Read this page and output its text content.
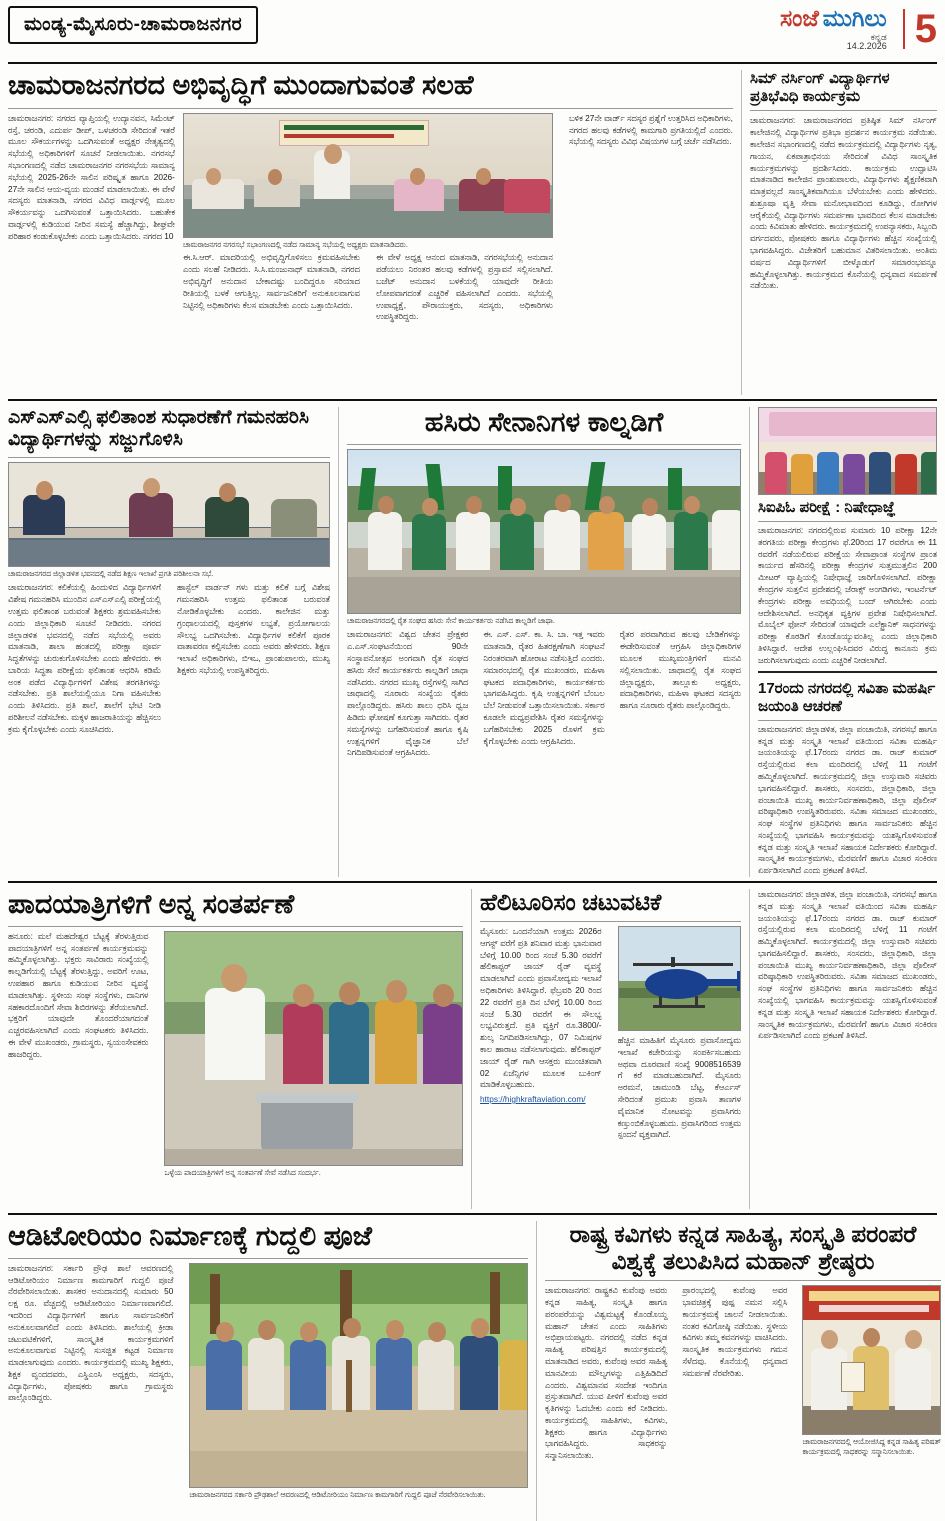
ಮಂಡ್ಯ-ಮೈಸೂರು-ಚಾಮರಾಜನಗರ	ಸಂಜೆ ಮುಗಿಲು
ಕನ್ನಡ
14.2.2026 5
ಚಾಮರಾಜನಗರದ ಅಭಿವೃದ್ಧಿಗೆ ಮುಂದಾಗುವಂತೆ ಸಲಹೆ
ಚಾಮರಾಜನಗರ: ನಗರದ ವ್ಯಾಪ್ತಿಯಲ್ಲಿ ಉದ್ಯಾನವನ, ಸಿಮೆಂಟ್ ರಸ್ತೆ, ಚರಂಡಿ, ಎದುರ್ಪ ಡೀಪ್, ಒಳಚರಂಡಿ ಸೇರಿದಂತೆ ಇತರೆ ಮೂಲ ಸೌಕರ್ಯಗಳನ್ನು ಒದಗಿಸುವಂತೆ ಅಧ್ಯಕ್ಷರ ನೇತೃತ್ವದಲ್ಲಿ ಸಭೆಯಲ್ಲಿ ಅಧಿಕಾರಿಗಳಿಗೆ ಸೂಚನೆ ನೀಡಲಾಯಿತು. ನಗರಸಭೆ ಸಭಾಂಗಣದಲ್ಲಿ ನಡೆದ ಚಾಮರಾಜನಗರ ನಗರಸಭೆಯ ಸಾಮಾನ್ಯ ಸಭೆಯಲ್ಲಿ 2025-26ನೇ ಸಾಲಿನ ಪರಿಷ್ಕೃತ ಹಾಗೂ 2026-27ನೇ ಸಾಲಿನ ಆಯ-ವ್ಯಯ ಮಂಡನೆ ಮಾಡಲಾಯಿತು. ಈ ವೇಳೆ ಸದಸ್ಯರು ಮಾತನಾಡಿ, ನಗರದ ವಿವಿಧ ವಾರ್ಡ್ಗಳಲ್ಲಿ ಮೂಲ ಸೌಕರ್ಯವನ್ನು ಒದಗಿಸುವಂತೆ ಒತ್ತಾಯಿಸಿದರು. ಬಹುತೇಕ ವಾರ್ಡ್ಗಳಲ್ಲಿ ಕುಡಿಯುವ ನೀರಿನ ಸಮಸ್ಯೆ ಹೆಚ್ಚಾಗಿದ್ದು, ಶೀಘ್ರವೇ ಪರಿಹಾರ ಕಂಡುಕೊಳ್ಳಬೇಕು ಎಂದು ಒತ್ತಾಯಿಸಿದರು. ನಗರದ 10
ಚಾಮರಾಜನಗರ ನಗರಸಭೆ ಸಭಾಂಗಣದಲ್ಲಿ ನಡೆದ ಸಾಮಾನ್ಯ ಸಭೆಯಲ್ಲಿ ಅಧ್ಯಕ್ಷರು ಮಾತನಾಡಿದರು.
ಈ.ಸಿ.ಆರ್. ಮಾದರಿಯಲ್ಲಿ ಅಭಿವೃದ್ಧಿಗೊಳಿಸಲು ಕ್ರಮವಹಿಸಬೇಕು ಎಂದು ಸಲಹೆ ನೀಡಿದರು. ಸಿ.ಸಿ.ಮಂಜುನಾಥ್ ಮಾತನಾಡಿ, ನಗರದ ಅಭಿವೃದ್ಧಿಗೆ ಅನುದಾನ ಬೇಕಾದಷ್ಟು ಬಂದಿದ್ದರೂ ಸರಿಯಾದ ರೀತಿಯಲ್ಲಿ ಬಳಕೆ ಆಗುತ್ತಿಲ್ಲ. ಸಾರ್ವಜನಿಕರಿಗೆ ಅನುಕೂಲವಾಗುವ ನಿಟ್ಟಿನಲ್ಲಿ ಅಧಿಕಾರಿಗಳು ಕೆಲಸ ಮಾಡಬೇಕು ಎಂದು ಒತ್ತಾಯಿಸಿದರು.
ಈ ವೇಳೆ ಅಧ್ಯಕ್ಷ ಆನಂದ ಮಾತನಾಡಿ, ನಗರಸಭೆಯಲ್ಲಿ ಅನುದಾನ ಪಡೆಯಲು ನಿರಂತರ ಹಲವು ಕಡೆಗಳಲ್ಲಿ ಪ್ರಸ್ತಾವನೆ ಸಲ್ಲಿಸಲಾಗಿದೆ. ಬಜೆಟ್ ಅನುದಾನ ಬಳಕೆಯಲ್ಲಿ ಯಾವುದೇ ರೀತಿಯ ಲೋಪವಾಗದಂತೆ ಎಚ್ಚರಿಕೆ ವಹಿಸಲಾಗಿದೆ ಎಂದರು. ಸಭೆಯಲ್ಲಿ ಉಪಾಧ್ಯಕ್ಷೆ, ಪೌರಾಯುಕ್ತರು, ಸದಸ್ಯರು, ಅಧಿಕಾರಿಗಳು ಉಪಸ್ಥಿತರಿದ್ದರು.
ಬಳಿಕ 27ನೇ ವಾರ್ಡ್ ಸದಸ್ಯರ ಪ್ರಶ್ನೆಗೆ ಉತ್ತರಿಸಿದ ಅಧಿಕಾರಿಗಳು, ನಗರದ ಹಲವು ಕಡೆಗಳಲ್ಲಿ ಕಾಮಗಾರಿ ಪ್ರಗತಿಯಲ್ಲಿದೆ ಎಂದರು. ಸಭೆಯಲ್ಲಿ ಸದಸ್ಯರು ವಿವಿಧ ವಿಷಯಗಳ ಬಗ್ಗೆ ಚರ್ಚೆ ನಡೆಸಿದರು.
ಸಿಮ್ ನರ್ಸಿಂಗ್ ವಿದ್ಯಾರ್ಥಿಗಳ ಪ್ರತಿಭೆವಿಧಿ ಕಾರ್ಯಕ್ರಮ
ಚಾಮರಾಜನಗರ: ಚಾಮರಾಜನಗರದ ಪ್ರತಿಷ್ಠಿತ ಸಿಮ್ ನರ್ಸಿಂಗ್ ಕಾಲೇಜಿನಲ್ಲಿ ವಿದ್ಯಾರ್ಥಿಗಳ ಪ್ರತಿಭಾ ಪ್ರದರ್ಶನ ಕಾರ್ಯಕ್ರಮ ನಡೆಯಿತು. ಕಾಲೇಜಿನ ಸಭಾಂಗಣದಲ್ಲಿ ನಡೆದ ಕಾರ್ಯಕ್ರಮದಲ್ಲಿ ವಿದ್ಯಾರ್ಥಿಗಳು ನೃತ್ಯ, ಗಾಯನ, ಏಕಪಾತ್ರಾಭಿನಯ ಸೇರಿದಂತೆ ವಿವಿಧ ಸಾಂಸ್ಕೃತಿಕ ಕಾರ್ಯಕ್ರಮಗಳನ್ನು ಪ್ರದರ್ಶಿಸಿದರು. ಕಾರ್ಯಕ್ರಮ ಉದ್ಘಾಟಿಸಿ ಮಾತನಾಡಿದ ಕಾಲೇಜಿನ ಪ್ರಾಂಶುಪಾಲರು, ವಿದ್ಯಾರ್ಥಿಗಳು ಶೈಕ್ಷಣಿಕವಾಗಿ ಮಾತ್ರವಲ್ಲದೆ ಸಾಂಸ್ಕೃತಿಕವಾಗಿಯೂ ಬೆಳೆಯಬೇಕು ಎಂದು ಹೇಳಿದರು. ಶುಶ್ರೂಷಾ ವೃತ್ತಿ ಸೇವಾ ಮನೋಭಾವದಿಂದ ಕೂಡಿದ್ದು, ರೋಗಿಗಳ ಆರೈಕೆಯಲ್ಲಿ ವಿದ್ಯಾರ್ಥಿಗಳು ಸಮರ್ಪಣಾ ಭಾವದಿಂದ ಕೆಲಸ ಮಾಡಬೇಕು ಎಂದು ಕಿವಿಮಾತು ಹೇಳಿದರು. ಕಾರ್ಯಕ್ರಮದಲ್ಲಿ ಉಪನ್ಯಾಸಕರು, ಸಿಬ್ಬಂದಿ ವರ್ಗದವರು, ಪೋಷಕರು ಹಾಗೂ ವಿದ್ಯಾರ್ಥಿಗಳು ಹೆಚ್ಚಿನ ಸಂಖ್ಯೆಯಲ್ಲಿ ಭಾಗವಹಿಸಿದ್ದರು. ವಿಜೇತರಿಗೆ ಬಹುಮಾನ ವಿತರಿಸಲಾಯಿತು. ಅಂತಿಮ ವರ್ಷದ ವಿದ್ಯಾರ್ಥಿಗಳಿಗೆ ಬೀಳ್ಕೊಡುಗೆ ಸಮಾರಂಭವನ್ನೂ ಹಮ್ಮಿಕೊಳ್ಳಲಾಗಿತ್ತು. ಕಾರ್ಯಕ್ರಮದ ಕೊನೆಯಲ್ಲಿ ಧನ್ಯವಾದ ಸಮರ್ಪಣೆ ನಡೆಯಿತು.
ಎಸ್ಎಸ್ಎಲ್ಸಿ ಫಲಿತಾಂಶ ಸುಧಾರಣೆಗೆ ಗಮನಹರಿಸಿ ವಿದ್ಯಾರ್ಥಿಗಳನ್ನು ಸಜ್ಜುಗೊಳಿಸಿ
ಚಾಮರಾಜನಗರದ ಜಿಲ್ಲಾಡಳಿತ ಭವನದಲ್ಲಿ ನಡೆದ ಶಿಕ್ಷಣ ಇಲಾಖೆ ಪ್ರಗತಿ ಪರಿಶೀಲನಾ ಸಭೆ.
ಚಾಮರಾಜನಗರ: ಕಲಿಕೆಯಲ್ಲಿ ಹಿಂದುಳಿದ ವಿದ್ಯಾರ್ಥಿಗಳಿಗೆ ವಿಶೇಷ ಗಮನಹರಿಸಿ ಮುಂದಿನ ಎಸ್ಎಸ್ಎಲ್ಸಿ ಪರೀಕ್ಷೆಯಲ್ಲಿ ಉತ್ತಮ ಫಲಿತಾಂಶ ಬರುವಂತೆ ಶಿಕ್ಷಕರು ಶ್ರಮವಹಿಸಬೇಕು ಎಂದು ಜಿಲ್ಲಾಧಿಕಾರಿ ಸೂಚನೆ ನೀಡಿದರು. ನಗರದ ಜಿಲ್ಲಾಡಳಿತ ಭವನದಲ್ಲಿ ನಡೆದ ಸಭೆಯಲ್ಲಿ ಅವರು ಮಾತನಾಡಿ, ಶಾಲಾ ಹಂತದಲ್ಲಿ ಪರೀಕ್ಷಾ ಪೂರ್ವ ಸಿದ್ಧತೆಗಳನ್ನು ಚುರುಕುಗೊಳಿಸಬೇಕು ಎಂದು ಹೇಳಿದರು. ಈ ಬಾರಿಯ ಸಿದ್ಧತಾ ಪರೀಕ್ಷೆಯ ಫಲಿತಾಂಶ ಆಧರಿಸಿ ಕಡಿಮೆ ಅಂಕ ಪಡೆದ ವಿದ್ಯಾರ್ಥಿಗಳಿಗೆ ವಿಶೇಷ ತರಗತಿಗಳನ್ನು ನಡೆಸಬೇಕು. ಪ್ರತಿ ಶಾಲೆಯಲ್ಲಿಯೂ ನಿಗಾ ವಹಿಸಬೇಕು ಎಂದು ತಿಳಿಸಿದರು. ಪ್ರತಿ ಶಾಲೆ, ಶಾಲೆಗೆ ಭೇಟಿ ನೀಡಿ ಪರಿಶೀಲನೆ ನಡೆಸಬೇಕು. ಮಕ್ಕಳ ಹಾಜರಾತಿಯನ್ನು ಹೆಚ್ಚಿಸಲು ಕ್ರಮ ಕೈಗೊಳ್ಳಬೇಕು ಎಂದು ಸೂಚಿಸಿದರು.
ಹಾಸ್ಟೆಲ್ ವಾರ್ಡನ್ ಗಳು ಮತ್ತು ಕಲಿಕೆ ಬಗ್ಗೆ ವಿಶೇಷ ಗಮನಹರಿಸಿ ಉತ್ತಮ ಫಲಿತಾಂಶ ಬರುವಂತೆ ನೋಡಿಕೊಳ್ಳಬೇಕು ಎಂದರು. ಕಾಲೇಜಿನ ಮತ್ತು ಗ್ರಂಥಾಲಯದಲ್ಲಿ ಪುಸ್ತಕಗಳ ಲಭ್ಯತೆ, ಪ್ರಯೋಗಾಲಯ ಸೌಲಭ್ಯ ಒದಗಿಸಬೇಕು. ವಿದ್ಯಾರ್ಥಿಗಳ ಕಲಿಕೆಗೆ ಪೂರಕ ವಾತಾವರಣ ಕಲ್ಪಿಸಬೇಕು ಎಂದು ಅವರು ಹೇಳಿದರು. ಶಿಕ್ಷಣ ಇಲಾಖೆ ಅಧಿಕಾರಿಗಳು, ಬಿಇಒ, ಪ್ರಾಂಶುಪಾಲರು, ಮುಖ್ಯ ಶಿಕ್ಷಕರು ಸಭೆಯಲ್ಲಿ ಉಪಸ್ಥಿತರಿದ್ದರು.
ಹಸಿರು ಸೇನಾನಿಗಳ ಕಾಲ್ನಡಿಗೆ
ಚಾಮರಾಜನಗರದಲ್ಲಿ ರೈತ ಸಂಘದ ಹಸಿರು ಸೇನೆ ಕಾರ್ಯಕರ್ತರು ನಡೆಸಿದ ಕಾಲ್ನಡಿಗೆ ಜಾಥಾ.
ಚಾಮರಾಜನಗರ: ವಿಶ್ವದ ಚೇತನ ಪ್ರೇಕ್ಷಕರ ಎ.ಎಸ್.ಸಂಘಟನೆಯಿಂದ 90ನೇ ಸಂಸ್ಥಾಪನೋತ್ಸವ ಅಂಗವಾಗಿ ರೈತ ಸಂಘದ ಹಸಿರು ಸೇನೆ ಕಾರ್ಯಕರ್ತರು ಕಾಲ್ನಡಿಗೆ ಜಾಥಾ ನಡೆಸಿದರು. ನಗರದ ಮುಖ್ಯ ರಸ್ತೆಗಳಲ್ಲಿ ಸಾಗಿದ ಜಾಥಾದಲ್ಲಿ ನೂರಾರು ಸಂಖ್ಯೆಯ ರೈತರು ಪಾಲ್ಗೊಂಡಿದ್ದರು. ಹಸಿರು ಶಾಲು ಧರಿಸಿ ಧ್ವಜ ಹಿಡಿದು ಘೋಷಣೆ ಕೂಗುತ್ತಾ ಸಾಗಿದರು. ರೈತರ ಸಮಸ್ಯೆಗಳನ್ನು ಬಗೆಹರಿಸುವಂತೆ ಹಾಗೂ ಕೃಷಿ ಉತ್ಪನ್ನಗಳಿಗೆ ವೈಜ್ಞಾನಿಕ ಬೆಲೆ ನಿಗದಿಪಡಿಸುವಂತೆ ಆಗ್ರಹಿಸಿದರು.
ಈ. ಎಸ್. ಎಸ್. ಕಾ. ಸಿ. ಬಾ. ಇತ್ತ ಇವರು ಮಾತನಾಡಿ, ರೈತರ ಹಿತರಕ್ಷಣೆಗಾಗಿ ಸಂಘಟನೆ ನಿರಂತರವಾಗಿ ಹೋರಾಟ ನಡೆಸುತ್ತಿದೆ ಎಂದರು. ಸಮಾರಂಭದಲ್ಲಿ ರೈತ ಮುಖಂಡರು, ಮಹಿಳಾ ಘಟಕದ ಪದಾಧಿಕಾರಿಗಳು, ಕಾರ್ಯಕರ್ತರು ಭಾಗವಹಿಸಿದ್ದರು. ಕೃಷಿ ಉತ್ಪನ್ನಗಳಿಗೆ ಬೆಂಬಲ ಬೆಲೆ ನೀಡುವಂತೆ ಒತ್ತಾಯಿಸಲಾಯಿತು. ಸರ್ಕಾರ ಕೂಡಲೇ ಮಧ್ಯಪ್ರವೇಶಿಸಿ ರೈತರ ಸಮಸ್ಯೆಗಳನ್ನು ಬಗೆಹರಿಸಬೇಕು 2025 ರೊಳಗೆ ಕ್ರಮ ಕೈಗೊಳ್ಳಬೇಕು ಎಂದು ಆಗ್ರಹಿಸಿದರು.
ರೈತರ ಪರವಾಗಿರುವ ಹಲವು ಬೇಡಿಕೆಗಳನ್ನು ಈಡೇರಿಸುವಂತೆ ಆಗ್ರಹಿಸಿ ಜಿಲ್ಲಾಧಿಕಾರಿಗಳ ಮೂಲಕ ಮುಖ್ಯಮಂತ್ರಿಗಳಿಗೆ ಮನವಿ ಸಲ್ಲಿಸಲಾಯಿತು. ಜಾಥಾದಲ್ಲಿ ರೈತ ಸಂಘದ ಜಿಲ್ಲಾಧ್ಯಕ್ಷರು, ತಾಲ್ಲೂಕು ಅಧ್ಯಕ್ಷರು, ಪದಾಧಿಕಾರಿಗಳು, ಮಹಿಳಾ ಘಟಕದ ಸದಸ್ಯರು ಹಾಗೂ ನೂರಾರು ರೈತರು ಪಾಲ್ಗೊಂಡಿದ್ದರು.
ಸಿಐಪಿಓ ಪರೀಕ್ಷೆ : ನಿಷೇಧಾಜ್ಞೆ
ಚಾಮರಾಜನಗರ: ನಗರದಲ್ಲಿರುವ ಸುಮಾರು 10 ಪರೀಕ್ಷಾ 12ನೇ ತರಗತಿಯ ಪರೀಕ್ಷಾ ಕೇಂದ್ರಗಳು ಫೆ.20ರಿಂದ 17 ರವರೆಗೂ ಈ 11 ರವರೆಗೆ ನಡೆಯಲಿರುವ ಪರೀಕ್ಷೆಯ ಸೇವಾಪ್ರಾಂತ ಸಂಸ್ಥೆಗಳ ಪ್ರಾಂತ ಕಾರ್ಯದ ಹೆಸರಿನಲ್ಲಿ ಪರೀಕ್ಷಾ ಕೇಂದ್ರಗಳ ಸುತ್ತಮುತ್ತಲಿನ 200 ಮೀಟರ್ ವ್ಯಾಪ್ತಿಯಲ್ಲಿ ನಿಷೇಧಾಜ್ಞೆ ಜಾರಿಗೊಳಿಸಲಾಗಿದೆ. ಪರೀಕ್ಷಾ ಕೇಂದ್ರಗಳ ಸುತ್ತಲಿನ ಪ್ರದೇಶದಲ್ಲಿ ಜೆರಾಕ್ಸ್ ಅಂಗಡಿಗಳು, ಇಂಟರ್ನೆಟ್ ಕೇಂದ್ರಗಳು ಪರೀಕ್ಷಾ ಅವಧಿಯಲ್ಲಿ ಬಂದ್ ಆಗಿರಬೇಕು ಎಂದು ಆದೇಶಿಸಲಾಗಿದೆ. ಅನಧಿಕೃತ ವ್ಯಕ್ತಿಗಳ ಪ್ರವೇಶ ನಿಷೇಧಿಸಲಾಗಿದೆ. ಮೊಬೈಲ್ ಫೋನ್ ಸೇರಿದಂತೆ ಯಾವುದೇ ಎಲೆಕ್ಟ್ರಾನಿಕ್ ಸಾಧನಗಳನ್ನು ಪರೀಕ್ಷಾ ಕೊಠಡಿಗೆ ಕೊಂಡೊಯ್ಯುವಂತಿಲ್ಲ ಎಂದು ಜಿಲ್ಲಾಧಿಕಾರಿ ತಿಳಿಸಿದ್ದಾರೆ. ಆದೇಶ ಉಲ್ಲಂಘಿಸಿದವರ ವಿರುದ್ಧ ಕಾನೂನು ಕ್ರಮ ಜರುಗಿಸಲಾಗುವುದು ಎಂದು ಎಚ್ಚರಿಕೆ ನೀಡಲಾಗಿದೆ.
17ರಂದು ನಗರದಲ್ಲಿ ಸವಿತಾ ಮಹರ್ಷಿ ಜಯಂತಿ ಆಚರಣೆ
ಚಾಮರಾಜನಗರ: ಜಿಲ್ಲಾಡಳಿತ, ಜಿಲ್ಲಾ ಪಂಚಾಯಿತಿ, ನಗರಸಭೆ ಹಾಗೂ ಕನ್ನಡ ಮತ್ತು ಸಂಸ್ಕೃತಿ ಇಲಾಖೆ ವತಿಯಿಂದ ಸವಿತಾ ಮಹರ್ಷಿ ಜಯಂತಿಯನ್ನು ಫೆ.17ರಂದು ನಗರದ ಡಾ. ರಾಜ್ ಕುಮಾರ್ ರಸ್ತೆಯಲ್ಲಿರುವ ಕಲಾ ಮಂದಿರದಲ್ಲಿ ಬೆಳಿಗ್ಗೆ 11 ಗಂಟೆಗೆ ಹಮ್ಮಿಕೊಳ್ಳಲಾಗಿದೆ. ಕಾರ್ಯಕ್ರಮದಲ್ಲಿ ಜಿಲ್ಲಾ ಉಸ್ತುವಾರಿ ಸಚಿವರು ಭಾಗವಹಿಸಲಿದ್ದಾರೆ. ಶಾಸಕರು, ಸಂಸದರು, ಜಿಲ್ಲಾಧಿಕಾರಿ, ಜಿಲ್ಲಾ ಪಂಚಾಯಿತಿ ಮುಖ್ಯ ಕಾರ್ಯನಿರ್ವಹಣಾಧಿಕಾರಿ, ಜಿಲ್ಲಾ ಪೊಲೀಸ್ ವರಿಷ್ಠಾಧಿಕಾರಿ ಉಪಸ್ಥಿತರಿರುವರು. ಸವಿತಾ ಸಮಾಜದ ಮುಖಂಡರು, ಸಂಘ ಸಂಸ್ಥೆಗಳ ಪ್ರತಿನಿಧಿಗಳು ಹಾಗೂ ಸಾರ್ವಜನಿಕರು ಹೆಚ್ಚಿನ ಸಂಖ್ಯೆಯಲ್ಲಿ ಭಾಗವಹಿಸಿ ಕಾರ್ಯಕ್ರಮವನ್ನು ಯಶಸ್ವಿಗೊಳಿಸುವಂತೆ ಕನ್ನಡ ಮತ್ತು ಸಂಸ್ಕೃತಿ ಇಲಾಖೆ ಸಹಾಯಕ ನಿರ್ದೇಶಕರು ಕೋರಿದ್ದಾರೆ. ಸಾಂಸ್ಕೃತಿಕ ಕಾರ್ಯಕ್ರಮಗಳು, ಮೆರವಣಿಗೆ ಹಾಗೂ ವಿಚಾರ ಸಂಕಿರಣ ಏರ್ಪಡಿಸಲಾಗಿದೆ ಎಂದು ಪ್ರಕಟಣೆ ತಿಳಿಸಿದೆ.
ಪಾದಯಾತ್ರಿಗಳಿಗೆ ಅನ್ನ ಸಂತರ್ಪಣೆ
ಹನೂರು: ಮಲೆ ಮಹದೇಶ್ವರ ಬೆಟ್ಟಕ್ಕೆ ತೆರಳುತ್ತಿರುವ ಪಾದಯಾತ್ರಿಗಳಿಗೆ ಅನ್ನ ಸಂತರ್ಪಣೆ ಕಾರ್ಯಕ್ರಮವನ್ನು ಹಮ್ಮಿಕೊಳ್ಳಲಾಗಿತ್ತು. ಭಕ್ತರು ಸಾವಿರಾರು ಸಂಖ್ಯೆಯಲ್ಲಿ ಕಾಲ್ನಡಿಗೆಯಲ್ಲಿ ಬೆಟ್ಟಕ್ಕೆ ತೆರಳುತ್ತಿದ್ದು, ಅವರಿಗೆ ಊಟ, ಉಪಹಾರ ಹಾಗೂ ಕುಡಿಯುವ ನೀರಿನ ವ್ಯವಸ್ಥೆ ಮಾಡಲಾಗಿತ್ತು. ಸ್ಥಳೀಯ ಸಂಘ ಸಂಸ್ಥೆಗಳು, ದಾನಿಗಳ ಸಹಕಾರದೊಂದಿಗೆ ಸೇವಾ ಶಿಬಿರಗಳನ್ನು ತೆರೆಯಲಾಗಿದೆ. ಭಕ್ತರಿಗೆ ಯಾವುದೇ ತೊಂದರೆಯಾಗದಂತೆ ಎಚ್ಚರವಹಿಸಲಾಗಿದೆ ಎಂದು ಸಂಘಟಕರು ತಿಳಿಸಿದರು. ಈ ವೇಳೆ ಮುಖಂಡರು, ಗ್ರಾಮಸ್ಥರು, ಸ್ವಯಂಸೇವಕರು ಹಾಜರಿದ್ದರು.
ಒಳ್ಳೆಯ ಪಾದಯಾತ್ರಿಗಳಿಗೆ ಅನ್ನ ಸಂತರ್ಪಣೆ ಸೇವೆ ನಡೆಸಿದ ಸಂದರ್ಭ.
ಹೆಲಿಟೂರಿಸಂ ಚಟುವಟಿಕೆ
ಮೈಸೂರು: ಒಂದನೆಯಾಗಿ ಉತ್ತಮ 2026ರ ಆಗಸ್ಟ್ ವರೆಗೆ ಪ್ರತಿ ಶನಿವಾರ ಮತ್ತು ಭಾನುವಾರ ಬೆಳಿಗ್ಗೆ 10.00 ರಿಂದ ಸಂಜೆ 5.30 ರವರೆಗೆ ಹೆಲಿಕಾಪ್ಟರ್ ಜಾಯ್ ರೈಡ್ ವ್ಯವಸ್ಥೆ ಮಾಡಲಾಗಿದೆ ಎಂದು ಪ್ರವಾಸೋದ್ಯಮ ಇಲಾಖೆ ಅಧಿಕಾರಿಗಳು ತಿಳಿಸಿದ್ದಾರೆ. ಫೆಬ್ರವರಿ 20 ರಿಂದ 22 ರವರೆಗೆ ಪ್ರತಿ ದಿನ ಬೆಳಿಗ್ಗೆ 10.00 ರಿಂದ ಸಂಜೆ 5.30 ರವರೆಗೆ ಈ ಸೌಲಭ್ಯ ಲಭ್ಯವಿರುತ್ತದೆ. ಪ್ರತಿ ವ್ಯಕ್ತಿಗೆ ರೂ.3800/- ಶುಲ್ಕ ನಿಗದಿಪಡಿಸಲಾಗಿದ್ದು, 07 ನಿಮಿಷಗಳ ಕಾಲ ಹಾರಾಟ ನಡೆಸಲಾಗುವುದು. ಹೆಲಿಕಾಪ್ಟರ್ ಜಾಯ್ ರೈಡ್ ಗಾಗಿ ಆಸಕ್ತರು ಮುಂಚಿತವಾಗಿ 02 ಏಜೆನ್ಸಿಗಳ ಮೂಲಕ ಬುಕಿಂಗ್ ಮಾಡಿಕೊಳ್ಳಬಹುದು.
https://highkraftaviation.com/
ಹೆಚ್ಚಿನ ಮಾಹಿತಿಗೆ ಮೈಸೂರು ಪ್ರವಾಸೋದ್ಯಮ ಇಲಾಖೆ ಕಚೇರಿಯನ್ನು ಸಂಪರ್ಕಿಸಬಹುದು ಅಥವಾ ದೂರವಾಣಿ ಸಂಖ್ಯೆ 9008516539 ಗೆ ಕರೆ ಮಾಡಬಹುದಾಗಿದೆ. ಮೈಸೂರು ಅರಮನೆ, ಚಾಮುಂಡಿ ಬೆಟ್ಟ, ಕೆಆರ್ಎಸ್ ಸೇರಿದಂತೆ ಪ್ರಮುಖ ಪ್ರವಾಸಿ ತಾಣಗಳ ವೈಮಾನಿಕ ನೋಟವನ್ನು ಪ್ರವಾಸಿಗರು ಕಣ್ತುಂಬಿಕೊಳ್ಳಬಹುದು. ಪ್ರವಾಸಿಗರಿಂದ ಉತ್ತಮ ಸ್ಪಂದನೆ ವ್ಯಕ್ತವಾಗಿದೆ.
ಚಾಮರಾಜನಗರ: ಜಿಲ್ಲಾಡಳಿತ, ಜಿಲ್ಲಾ ಪಂಚಾಯಿತಿ, ನಗರಸಭೆ ಹಾಗೂ ಕನ್ನಡ ಮತ್ತು ಸಂಸ್ಕೃತಿ ಇಲಾಖೆ ವತಿಯಿಂದ ಸವಿತಾ ಮಹರ್ಷಿ ಜಯಂತಿಯನ್ನು ಫೆ.17ರಂದು ನಗರದ ಡಾ. ರಾಜ್ ಕುಮಾರ್ ರಸ್ತೆಯಲ್ಲಿರುವ ಕಲಾ ಮಂದಿರದಲ್ಲಿ ಬೆಳಿಗ್ಗೆ 11 ಗಂಟೆಗೆ ಹಮ್ಮಿಕೊಳ್ಳಲಾಗಿದೆ. ಕಾರ್ಯಕ್ರಮದಲ್ಲಿ ಜಿಲ್ಲಾ ಉಸ್ತುವಾರಿ ಸಚಿವರು ಭಾಗವಹಿಸಲಿದ್ದಾರೆ. ಶಾಸಕರು, ಸಂಸದರು, ಜಿಲ್ಲಾಧಿಕಾರಿ, ಜಿಲ್ಲಾ ಪಂಚಾಯಿತಿ ಮುಖ್ಯ ಕಾರ್ಯನಿರ್ವಹಣಾಧಿಕಾರಿ, ಜಿಲ್ಲಾ ಪೊಲೀಸ್ ವರಿಷ್ಠಾಧಿಕಾರಿ ಉಪಸ್ಥಿತರಿರುವರು. ಸವಿತಾ ಸಮಾಜದ ಮುಖಂಡರು, ಸಂಘ ಸಂಸ್ಥೆಗಳ ಪ್ರತಿನಿಧಿಗಳು ಹಾಗೂ ಸಾರ್ವಜನಿಕರು ಹೆಚ್ಚಿನ ಸಂಖ್ಯೆಯಲ್ಲಿ ಭಾಗವಹಿಸಿ ಕಾರ್ಯಕ್ರಮವನ್ನು ಯಶಸ್ವಿಗೊಳಿಸುವಂತೆ ಕನ್ನಡ ಮತ್ತು ಸಂಸ್ಕೃತಿ ಇಲಾಖೆ ಸಹಾಯಕ ನಿರ್ದೇಶಕರು ಕೋರಿದ್ದಾರೆ. ಸಾಂಸ್ಕೃತಿಕ ಕಾರ್ಯಕ್ರಮಗಳು, ಮೆರವಣಿಗೆ ಹಾಗೂ ವಿಚಾರ ಸಂಕಿರಣ ಏರ್ಪಡಿಸಲಾಗಿದೆ ಎಂದು ಪ್ರಕಟಣೆ ತಿಳಿಸಿದೆ.
ಆಡಿಟೋರಿಯಂ ನಿರ್ಮಾಣಕ್ಕೆ ಗುದ್ದಲಿ ಪೂಜೆ
ಚಾಮರಾಜನಗರ: ಸರ್ಕಾರಿ ಪ್ರೌಢ ಶಾಲೆ ಆವರಣದಲ್ಲಿ ಆಡಿಟೋರಿಯಂ ನಿರ್ಮಾಣ ಕಾಮಗಾರಿಗೆ ಗುದ್ದಲಿ ಪೂಜೆ ನೆರವೇರಿಸಲಾಯಿತು. ಶಾಸಕರ ಅನುದಾನದಲ್ಲಿ ಸುಮಾರು 50 ಲಕ್ಷ ರೂ. ವೆಚ್ಚದಲ್ಲಿ ಆಡಿಟೋರಿಯಂ ನಿರ್ಮಾಣವಾಗಲಿದೆ. ಇದರಿಂದ ವಿದ್ಯಾರ್ಥಿಗಳಿಗೆ ಹಾಗೂ ಸಾರ್ವಜನಿಕರಿಗೆ ಅನುಕೂಲವಾಗಲಿದೆ ಎಂದು ತಿಳಿಸಿದರು. ಶಾಲೆಯಲ್ಲಿ ಕ್ರೀಡಾ ಚಟುವಟಿಕೆಗಳಿಗೆ, ಸಾಂಸ್ಕೃತಿಕ ಕಾರ್ಯಕ್ರಮಗಳಿಗೆ ಅನುಕೂಲವಾಗುವ ನಿಟ್ಟಿನಲ್ಲಿ ಸುಸಜ್ಜಿತ ಕಟ್ಟಡ ನಿರ್ಮಾಣ ಮಾಡಲಾಗುವುದು ಎಂದರು. ಕಾರ್ಯಕ್ರಮದಲ್ಲಿ ಮುಖ್ಯ ಶಿಕ್ಷಕರು, ಶಿಕ್ಷಕ ವೃಂದದವರು, ಎಸ್ಡಿಎಂಸಿ ಅಧ್ಯಕ್ಷರು, ಸದಸ್ಯರು, ವಿದ್ಯಾರ್ಥಿಗಳು, ಪೋಷಕರು ಹಾಗೂ ಗ್ರಾಮಸ್ಥರು ಪಾಲ್ಗೊಂಡಿದ್ದರು.
ಚಾಮರಾಜನಗರದ ಸರ್ಕಾರಿ ಪ್ರೌಢಶಾಲೆ ಆವರಣದಲ್ಲಿ ಆಡಿಟೋರಿಯಂ ನಿರ್ಮಾಣ ಕಾಮಗಾರಿಗೆ ಗುದ್ದಲಿ ಪೂಜೆ ನೆರವೇರಿಸಲಾಯಿತು.
ರಾಷ್ಟ್ರ ಕವಿಗಳು ಕನ್ನಡ ಸಾಹಿತ್ಯ, ಸಂಸ್ಕೃತಿ ಪರಂಪರೆ ವಿಶ್ವಕ್ಕೆ ತಲುಪಿಸಿದ ಮಹಾನ್ ಶ್ರೇಷ್ಠರು
ಚಾಮರಾಜನಗರ: ರಾಷ್ಟ್ರಕವಿ ಕುವೆಂಪು ಅವರು ಕನ್ನಡ ಸಾಹಿತ್ಯ, ಸಂಸ್ಕೃತಿ ಹಾಗೂ ಪರಂಪರೆಯನ್ನು ವಿಶ್ವಮಟ್ಟಕ್ಕೆ ಕೊಂಡೊಯ್ದ ಮಹಾನ್ ಚೇತನ ಎಂದು ಸಾಹಿತಿಗಳು ಅಭಿಪ್ರಾಯಪಟ್ಟರು. ನಗರದಲ್ಲಿ ನಡೆದ ಕನ್ನಡ ಸಾಹಿತ್ಯ ಪರಿಷತ್ತಿನ ಕಾರ್ಯಕ್ರಮದಲ್ಲಿ ಮಾತನಾಡಿದ ಅವರು, ಕುವೆಂಪು ಅವರ ಸಾಹಿತ್ಯ ಮಾನವೀಯ ಮೌಲ್ಯಗಳನ್ನು ಎತ್ತಿಹಿಡಿದಿದೆ ಎಂದರು. ವಿಶ್ವಮಾನವ ಸಂದೇಶ ಇಂದಿಗೂ ಪ್ರಸ್ತುತವಾಗಿದೆ. ಯುವ ಪೀಳಿಗೆ ಕುವೆಂಪು ಅವರ ಕೃತಿಗಳನ್ನು ಓದಬೇಕು ಎಂದು ಕರೆ ನೀಡಿದರು. ಕಾರ್ಯಕ್ರಮದಲ್ಲಿ ಸಾಹಿತಿಗಳು, ಕವಿಗಳು, ಶಿಕ್ಷಕರು ಹಾಗೂ ವಿದ್ಯಾರ್ಥಿಗಳು ಭಾಗವಹಿಸಿದ್ದರು. ಸಾಧಕರನ್ನು ಸನ್ಮಾನಿಸಲಾಯಿತು.
ಪ್ರಾರಂಭದಲ್ಲಿ ಕುವೆಂಪು ಅವರ ಭಾವಚಿತ್ರಕ್ಕೆ ಪುಷ್ಪ ನಮನ ಸಲ್ಲಿಸಿ ಕಾರ್ಯಕ್ರಮಕ್ಕೆ ಚಾಲನೆ ನೀಡಲಾಯಿತು. ನಂತರ ಕವಿಗೋಷ್ಠಿ ನಡೆಯಿತು. ಸ್ಥಳೀಯ ಕವಿಗಳು ತಮ್ಮ ಕವನಗಳನ್ನು ವಾಚಿಸಿದರು. ಸಾಂಸ್ಕೃತಿಕ ಕಾರ್ಯಕ್ರಮಗಳು ಗಮನ ಸೆಳೆದವು. ಕೊನೆಯಲ್ಲಿ ಧನ್ಯವಾದ ಸಮರ್ಪಣೆ ನೆರವೇರಿತು.
ಚಾಮರಾಜನಗರದಲ್ಲಿ ಆಯೋಜಿಸಿದ್ದ ಕನ್ನಡ ಸಾಹಿತ್ಯ ಪರಿಷತ್ ಕಾರ್ಯಕ್ರಮದಲ್ಲಿ ಸಾಧಕರನ್ನು ಸನ್ಮಾನಿಸಲಾಯಿತು.
